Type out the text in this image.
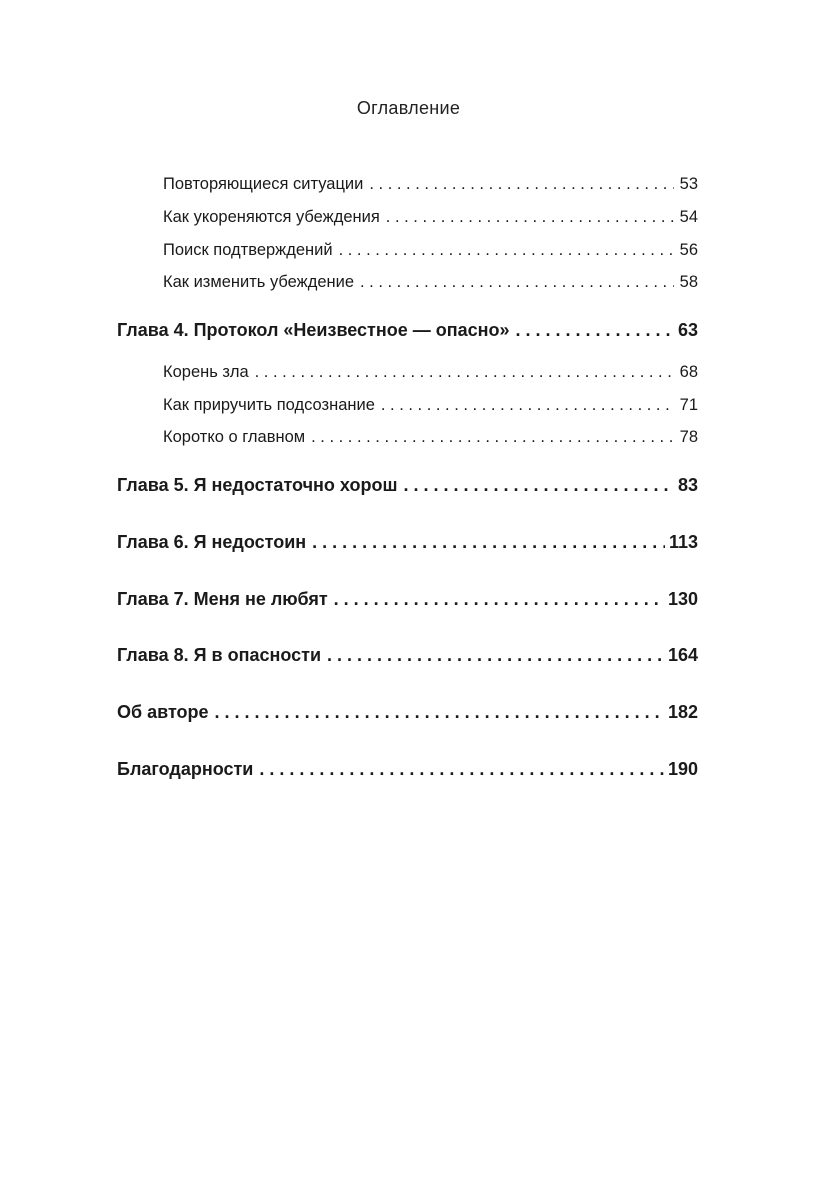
Оглавление
Повторяющиеся ситуации . . .	53
Как укореняются убеждения . . .	54
Поиск подтверждений . . .	56
Как изменить убеждение . . .	58
Глава 4. Протокол «Неизвестное — опасно» . . .	63
Корень зла . . .	68
Как приручить подсознание . . .	71
Коротко о главном . . .	78
Глава 5. Я недостаточно хорош . . .	83
Глава 6. Я недостоин . . .	113
Глава 7. Меня не любят . . .	130
Глава 8. Я в опасности . . .	164
Об авторе . . .	182
Благодарности . . .	190
